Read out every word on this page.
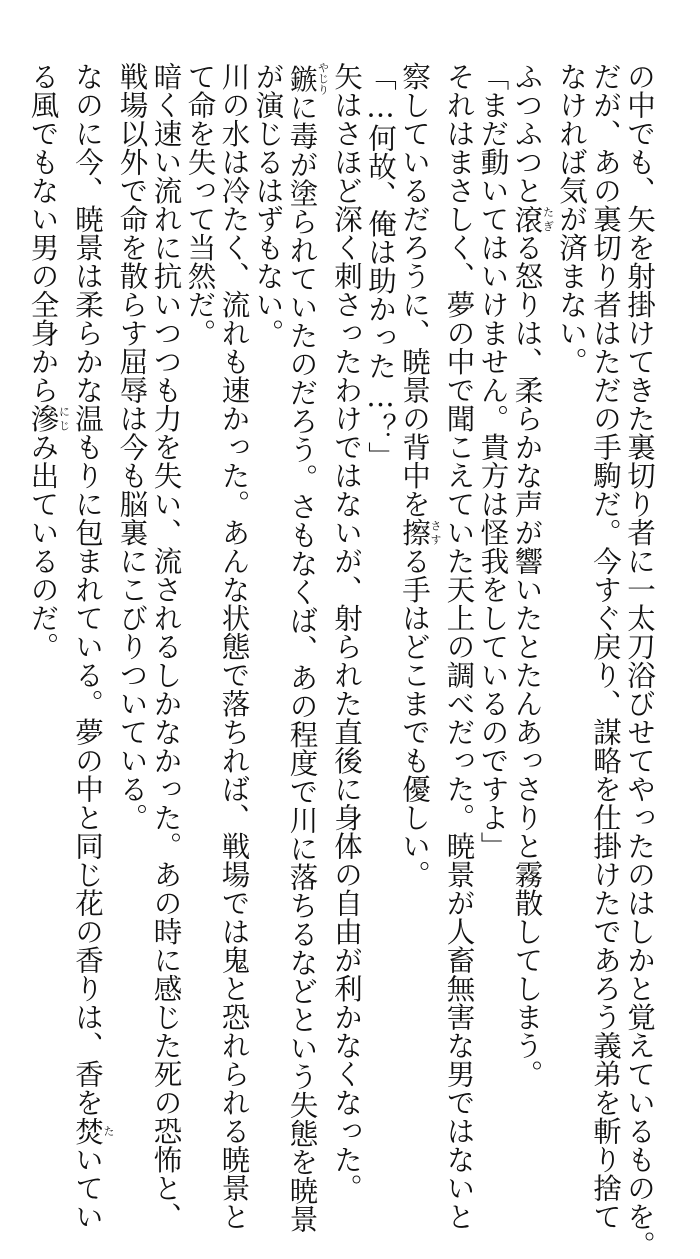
の中でも、矢を射掛けてきた裏切り者に一太刀浴びせてやったのはしかと覚えているものを。
だが、あの裏切り者はただの手駒だ。今すぐ戻り、謀略を仕掛けたであろう義弟を斬り捨て
なければ気が済まない。
ふつふつと滾たぎる怒りは、柔らかな声が響いたとたんあっさりと霧散してしまう。
「まだ動いてはいけません。貴方は怪我をしているのですよ」
それはまさしく、夢の中で聞こえていた天上の調べだった。暁景が人畜無害な男ではないと
察しているだろうに、暁景の背中を擦さする手はどこまでも優しい。
「…何故、俺は助かった…？」
矢はさほど深く刺さったわけではないが、射られた直後に身体の自由が利かなくなった。
鏃やじりに毒が塗られていたのだろう。さもなくば、あの程度で川に落ちるなどという失態を暁景
が演じるはずもない。
川の水は冷たく、流れも速かった。あんな状態で落ちれば、戦場では鬼と恐れられる暁景と
て命を失って当然だ。
暗く速い流れに抗いつつも力を失い、流されるしかなかった。あの時に感じた死の恐怖と、
戦場以外で命を散らす屈辱は今も脳裏にこびりついている。
なのに今、暁景は柔らかな温もりに包まれている。夢の中と同じ花の香りは、香を焚たいてい
る風でもない男の全身から滲にじみ出ているのだ。
